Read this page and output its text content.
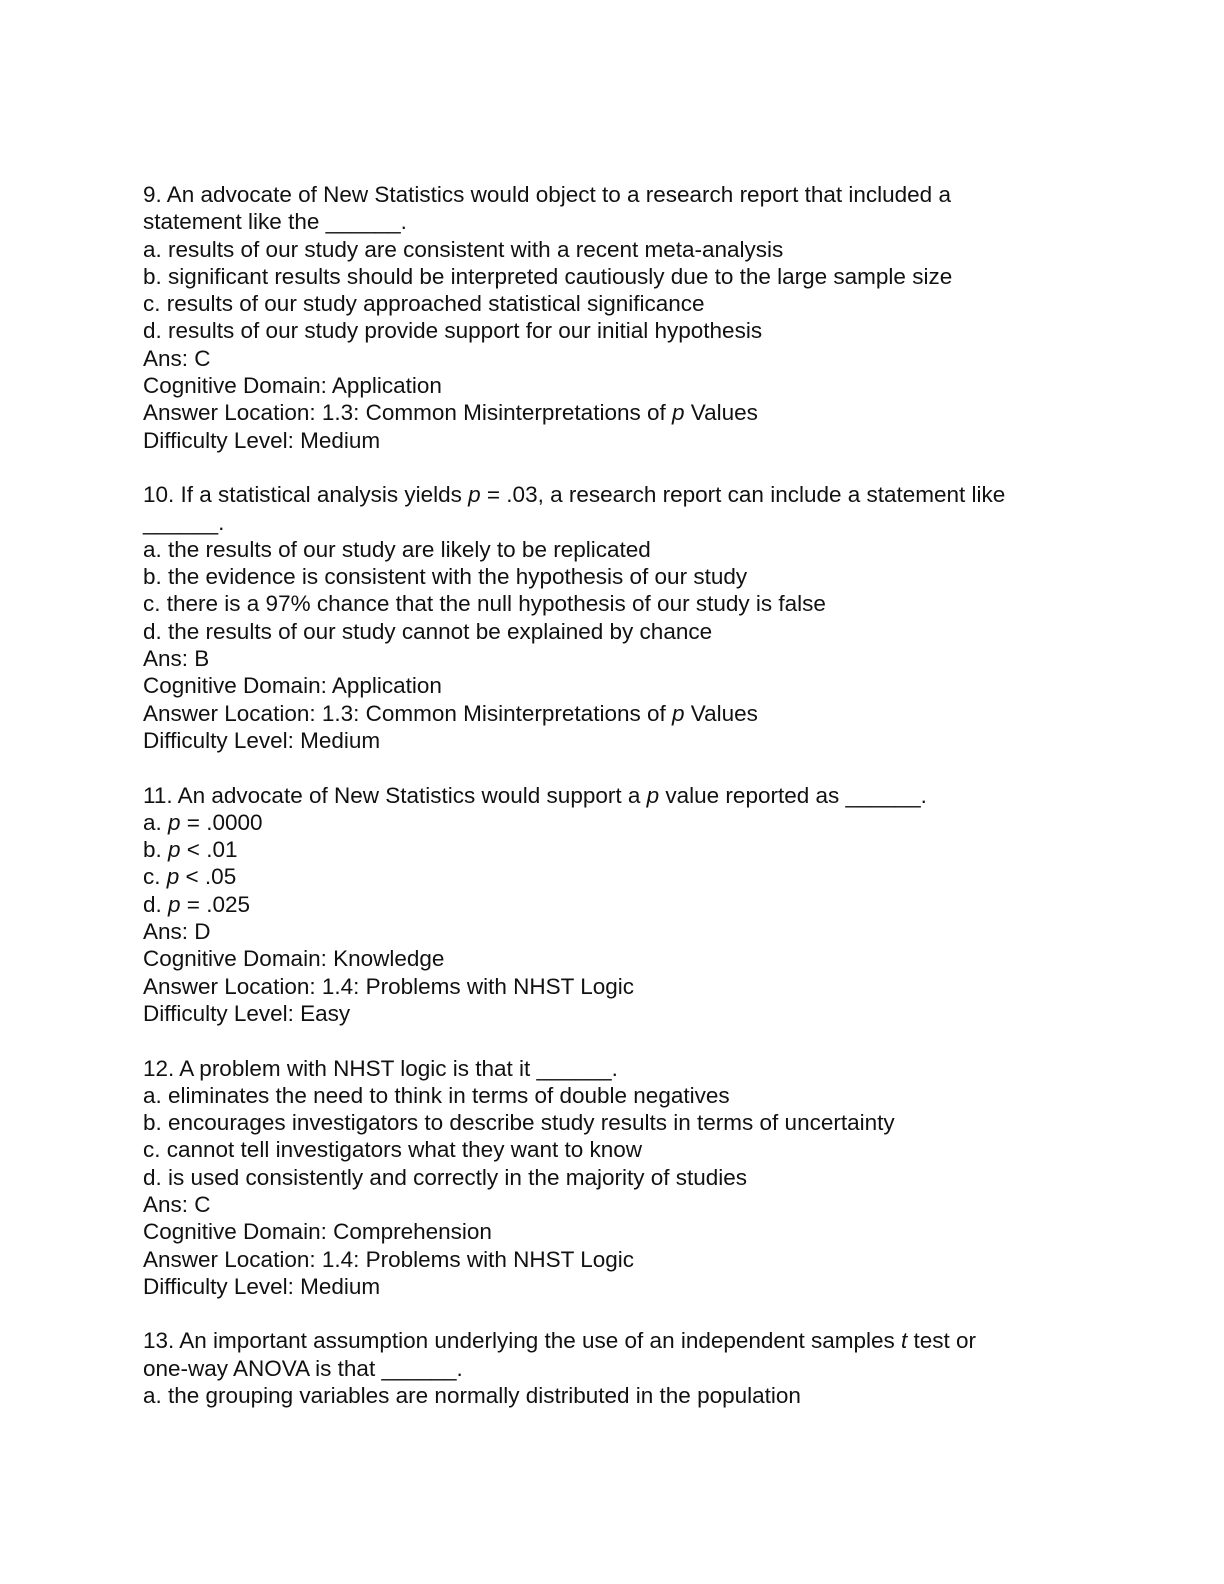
9. An advocate of New Statistics would object to a research report that included a
statement like the ______.
a. results of our study are consistent with a recent meta-analysis
b. significant results should be interpreted cautiously due to the large sample size
c. results of our study approached statistical significance
d. results of our study provide support for our initial hypothesis
Ans: C
Cognitive Domain: Application
Answer Location: 1.3: Common Misinterpretations of p Values
Difficulty Level: Medium
10. If a statistical analysis yields p = .03, a research report can include a statement like
______.
a. the results of our study are likely to be replicated
b. the evidence is consistent with the hypothesis of our study
c. there is a 97% chance that the null hypothesis of our study is false
d. the results of our study cannot be explained by chance
Ans: B
Cognitive Domain: Application
Answer Location: 1.3: Common Misinterpretations of p Values
Difficulty Level: Medium
11. An advocate of New Statistics would support a p value reported as ______.
a. p = .0000
b. p < .01
c. p < .05
d. p = .025
Ans: D
Cognitive Domain: Knowledge
Answer Location: 1.4: Problems with NHST Logic
Difficulty Level: Easy
12. A problem with NHST logic is that it ______.
a. eliminates the need to think in terms of double negatives
b. encourages investigators to describe study results in terms of uncertainty
c. cannot tell investigators what they want to know
d. is used consistently and correctly in the majority of studies
Ans: C
Cognitive Domain: Comprehension
Answer Location: 1.4: Problems with NHST Logic
Difficulty Level: Medium
13. An important assumption underlying the use of an independent samples t test or
one-way ANOVA is that ______.
a. the grouping variables are normally distributed in the population
